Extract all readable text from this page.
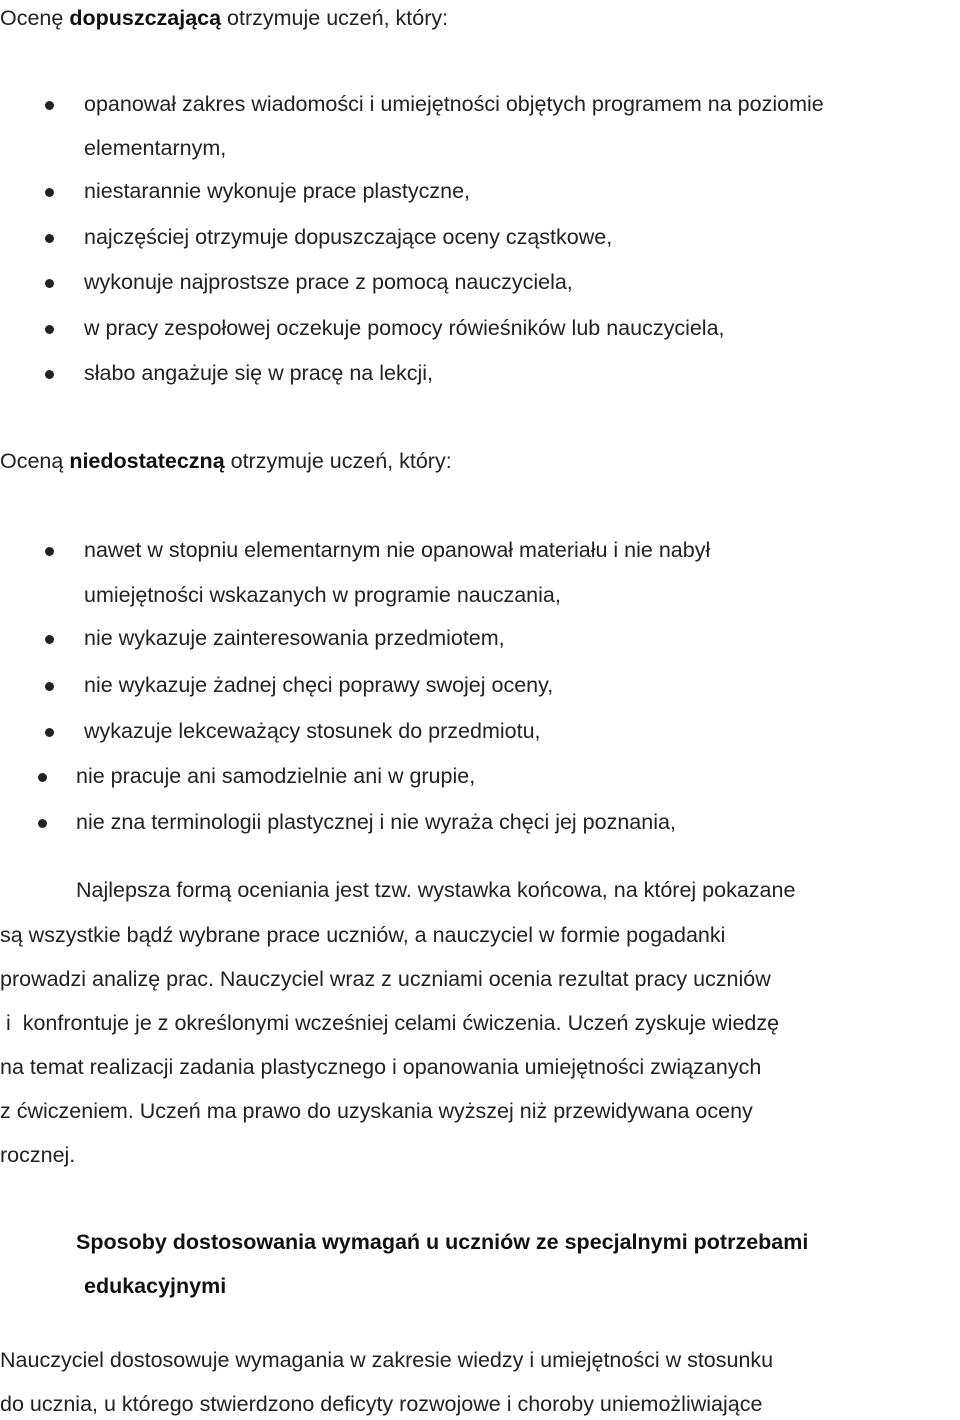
Ocenę dopuszczającą otrzymuje uczeń, który:
opanował zakres wiadomości i umiejętności objętych programem na poziomie
elementarnym,
niestarannie wykonuje prace plastyczne,
najczęściej otrzymuje dopuszczające oceny cząstkowe,
wykonuje najprostsze prace z pomocą nauczyciela,
w pracy zespołowej oczekuje pomocy rówieśników lub nauczyciela,
słabo angażuje się w pracę na lekcji,
Oceną niedostateczną otrzymuje uczeń, który:
nawet w stopniu elementarnym nie opanował materiału i nie nabył
umiejętności wskazanych w programie nauczania,
nie wykazuje zainteresowania przedmiotem,
nie wykazuje żadnej chęci poprawy swojej oceny,
wykazuje lekceważący stosunek do przedmiotu,
nie pracuje ani samodzielnie ani w grupie,
nie zna terminologii plastycznej i nie wyraża chęci jej poznania,
Najlepsza formą oceniania jest tzw. wystawka końcowa, na której pokazane
są wszystkie bądź wybrane prace uczniów, a nauczyciel w formie pogadanki
prowadzi analizę prac. Nauczyciel wraz z uczniami ocenia rezultat pracy uczniów
i  konfrontuje je z określonymi wcześniej celami ćwiczenia. Uczeń zyskuje wiedzę
na temat realizacji zadania plastycznego i opanowania umiejętności związanych
z ćwiczeniem. Uczeń ma prawo do uzyskania wyższej niż przewidywana oceny
rocznej.
Sposoby dostosowania wymagań u uczniów ze specjalnymi potrzebami
edukacyjnymi
Nauczyciel dostosowuje wymagania w zakresie wiedzy i umiejętności w stosunku
do ucznia, u którego stwierdzono deficyty rozwojowe i choroby uniemożliwiające
